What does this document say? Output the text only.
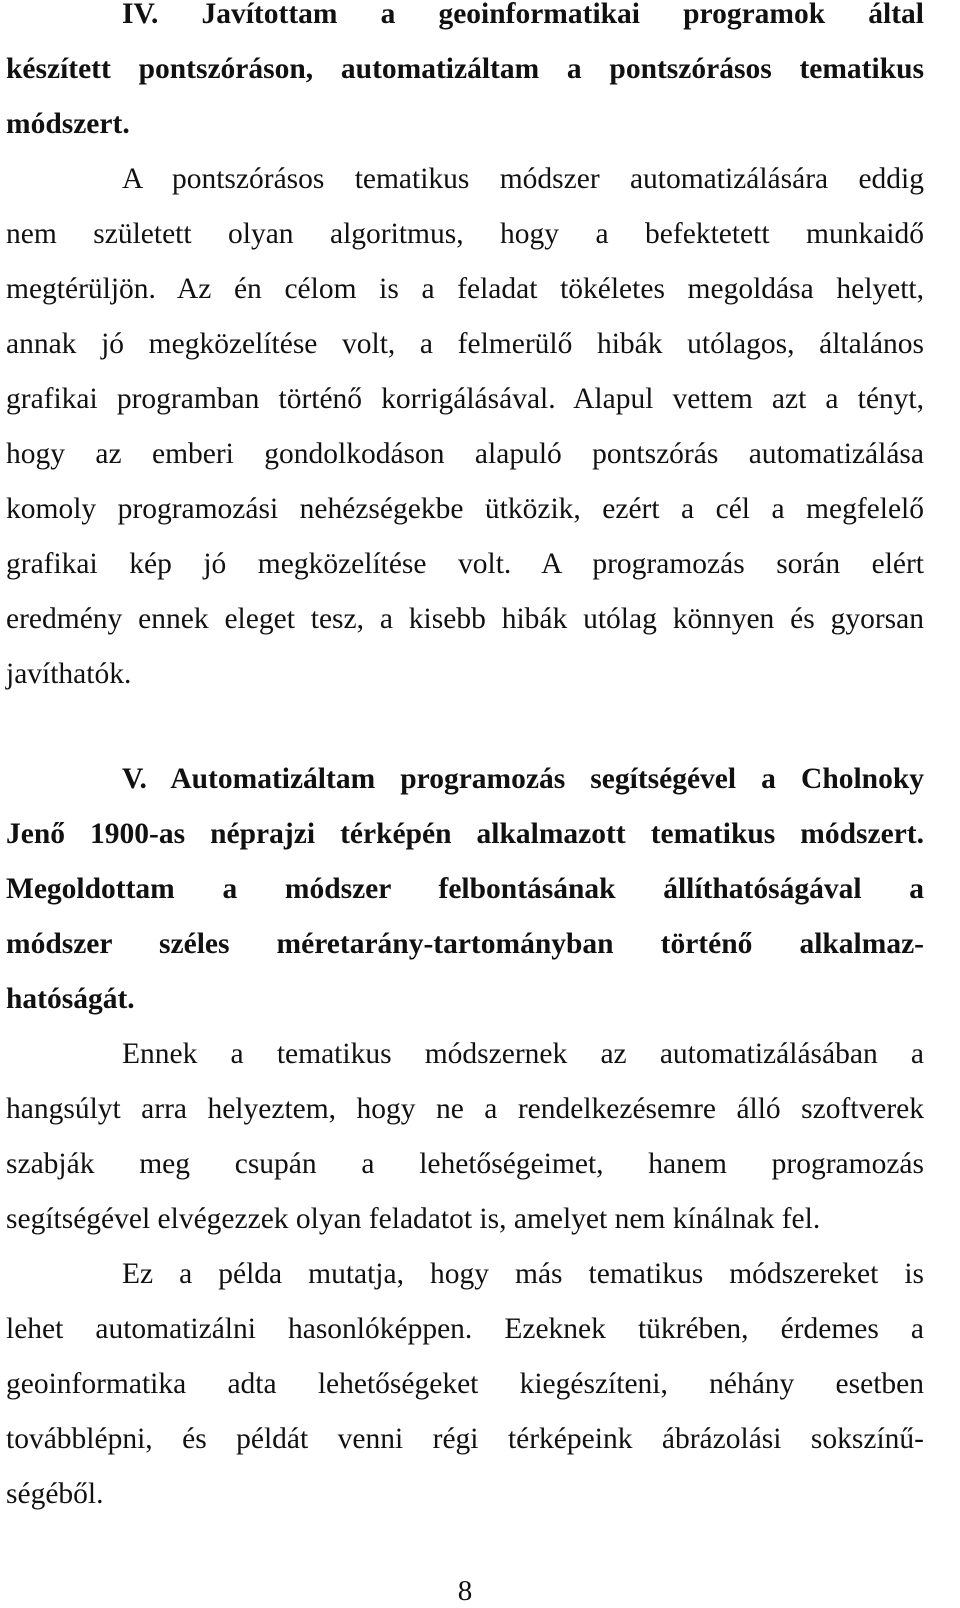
IV. Javítottam a geoinformatikai programok által
készített pontszóráson, automatizáltam a pontszórásos tematikus
módszert.
A pontszórásos tematikus módszer automatizálására eddig
nem született olyan algoritmus, hogy a befektetett munkaidő
megtérüljön. Az én célom is a feladat tökéletes megoldása helyett,
annak jó megközelítése volt, a felmerülő hibák utólagos, általános
grafikai programban történő korrigálásával. Alapul vettem azt a tényt,
hogy az emberi gondolkodáson alapuló pontszórás automatizálása
komoly programozási nehézségekbe ütközik, ezért a cél a megfelelő
grafikai kép jó megközelítése volt. A programozás során elért
eredmény ennek eleget tesz, a kisebb hibák utólag könnyen és gyorsan
javíthatók.
V. Automatizáltam programozás segítségével a Cholnoky
Jenő 1900-as néprajzi térképén alkalmazott tematikus módszert.
Megoldottam a módszer felbontásának állíthatóságával a
módszer széles méretarány-tartományban történő alkalmaz-
hatóságát.
Ennek a tematikus módszernek az automatizálásában a
hangsúlyt arra helyeztem, hogy ne a rendelkezésemre álló szoftverek
szabják meg csupán a lehetőségeimet, hanem programozás
segítségével elvégezzek olyan feladatot is, amelyet nem kínálnak fel.
Ez a példa mutatja, hogy más tematikus módszereket is
lehet automatizálni hasonlóképpen. Ezeknek tükrében, érdemes a
geoinformatika adta lehetőségeket kiegészíteni, néhány esetben
továbblépni, és példát venni régi térképeink ábrázolási sokszínű-
ségéből.
8
